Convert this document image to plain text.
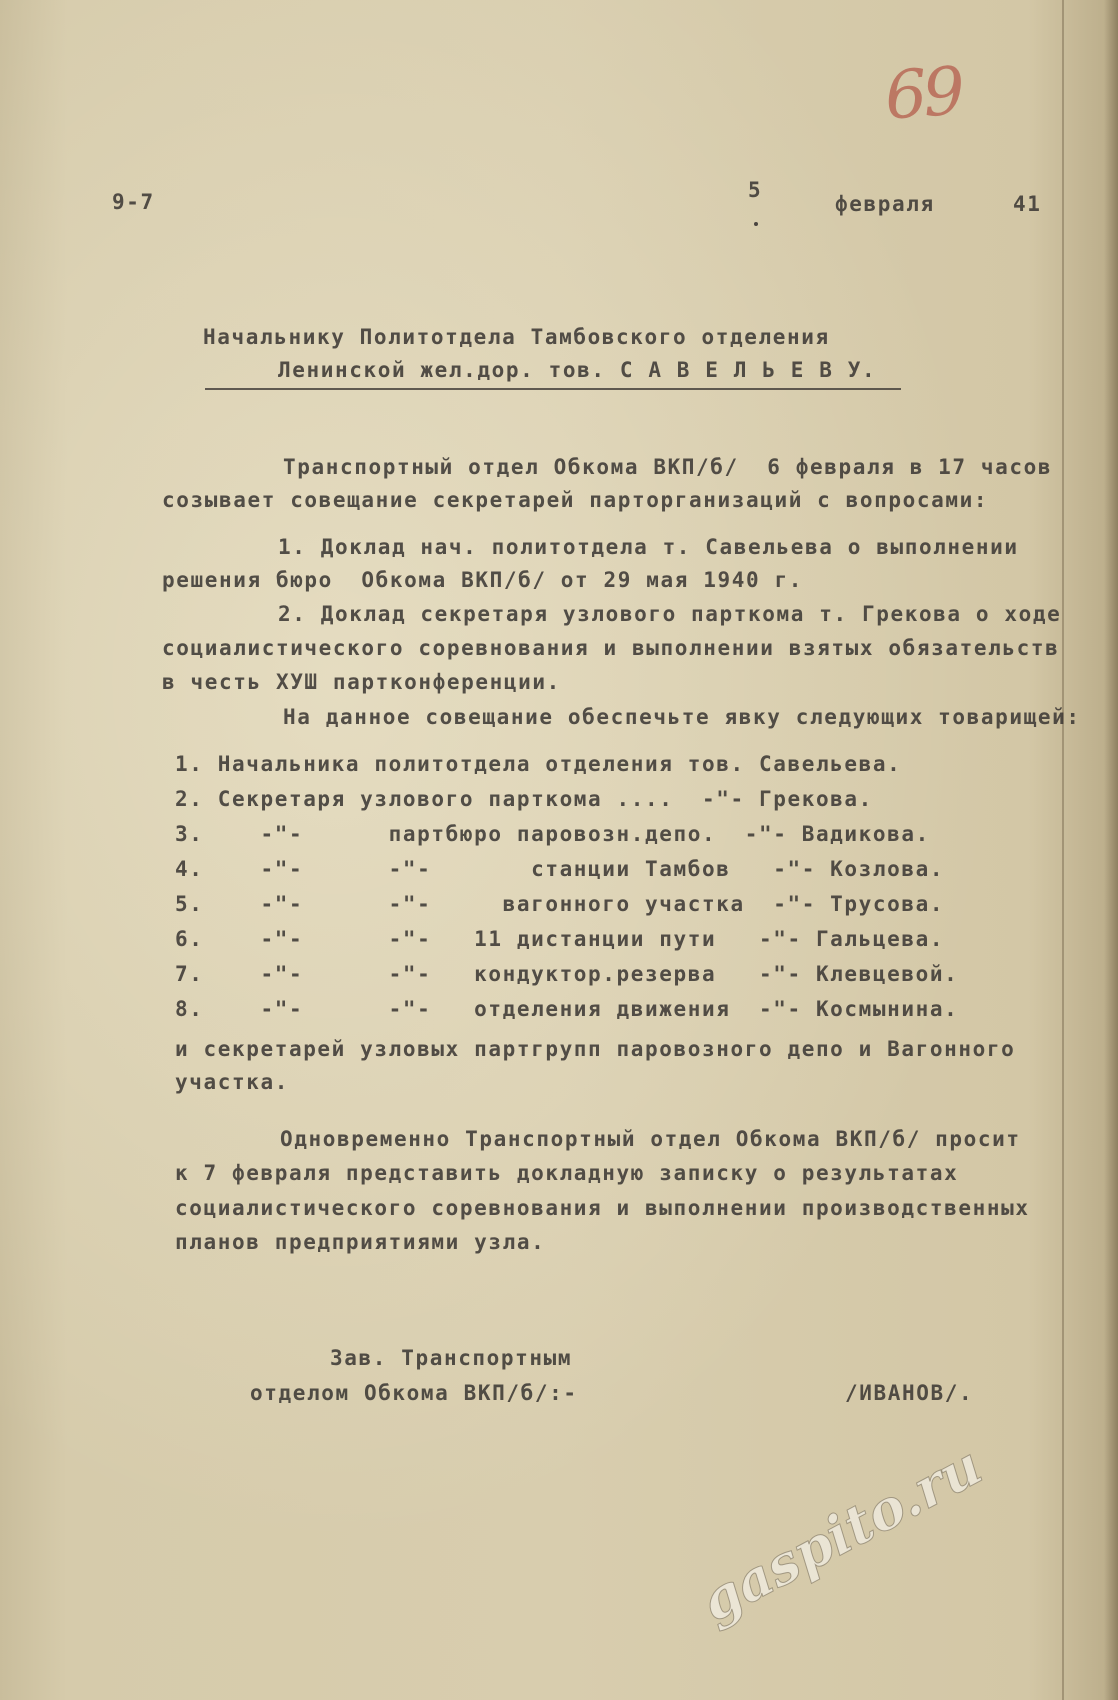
69
9-7	5
февраля	41
Начальнику Политотдела Тамбовского отделения
Ленинской жел.дор. тов. С А В Е Л Ь Е В У.
Транспортный отдел Обкома ВКП/б/  6 февраля в 17 часов
созывает совещание секретарей парторганизаций с вопросами:
1. Доклад нач. политотдела т. Савельева о выполнении
решения бюро  Обкома ВКП/б/ от 29 мая 1940 г.
2. Доклад секретаря узлового парткома т. Грекова о ходе
социалистического соревнования и выполнении взятых обязательств
в честь ХУШ партконференции.
На данное совещание обеспечьте явку следующих товарищей:
1. Начальника политотдела отделения тов. Савельева.
2. Секретаря узлового парткома ....  -"- Грекова.
3.    -"-      партбюро паровозн.депо.  -"- Вадикова.
4.    -"-      -"-       станции Тамбов   -"- Козлова.
5.    -"-      -"-     вагонного участка  -"- Трусова.
6.    -"-      -"-   11 дистанции пути   -"- Гальцева.
7.    -"-      -"-   кондуктор.резерва   -"- Клевцевой.
8.    -"-      -"-   отделения движения  -"- Космынина.
и секретарей узловых партгрупп паровозного депо и Вагонного
участка.
Одновременно Транспортный отдел Обкома ВКП/б/ просит
к 7 февраля представить докладную записку о результатах
социалистического соревнования и выполнении производственных
планов предприятиями узла.
Зав. Транспортным
отделом Обкома ВКП/б/:-	/ИВАНОВ/.
gaspito.ru
